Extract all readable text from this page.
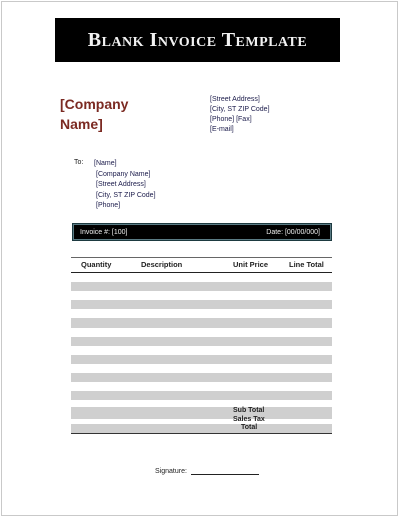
Blank Invoice Template
[Company Name]
[Street Address]
[City, ST ZIP Code]
[Phone] [Fax]
[E-mail]
To: [Name]
[Company Name]
[Street Address]
[City, ST ZIP Code]
[Phone]
Invoice #: [100]	Date: [00/00/000]
Quantity	Description	Unit Price	Line Total
Sub Total
Sales Tax
Total
Signature:
